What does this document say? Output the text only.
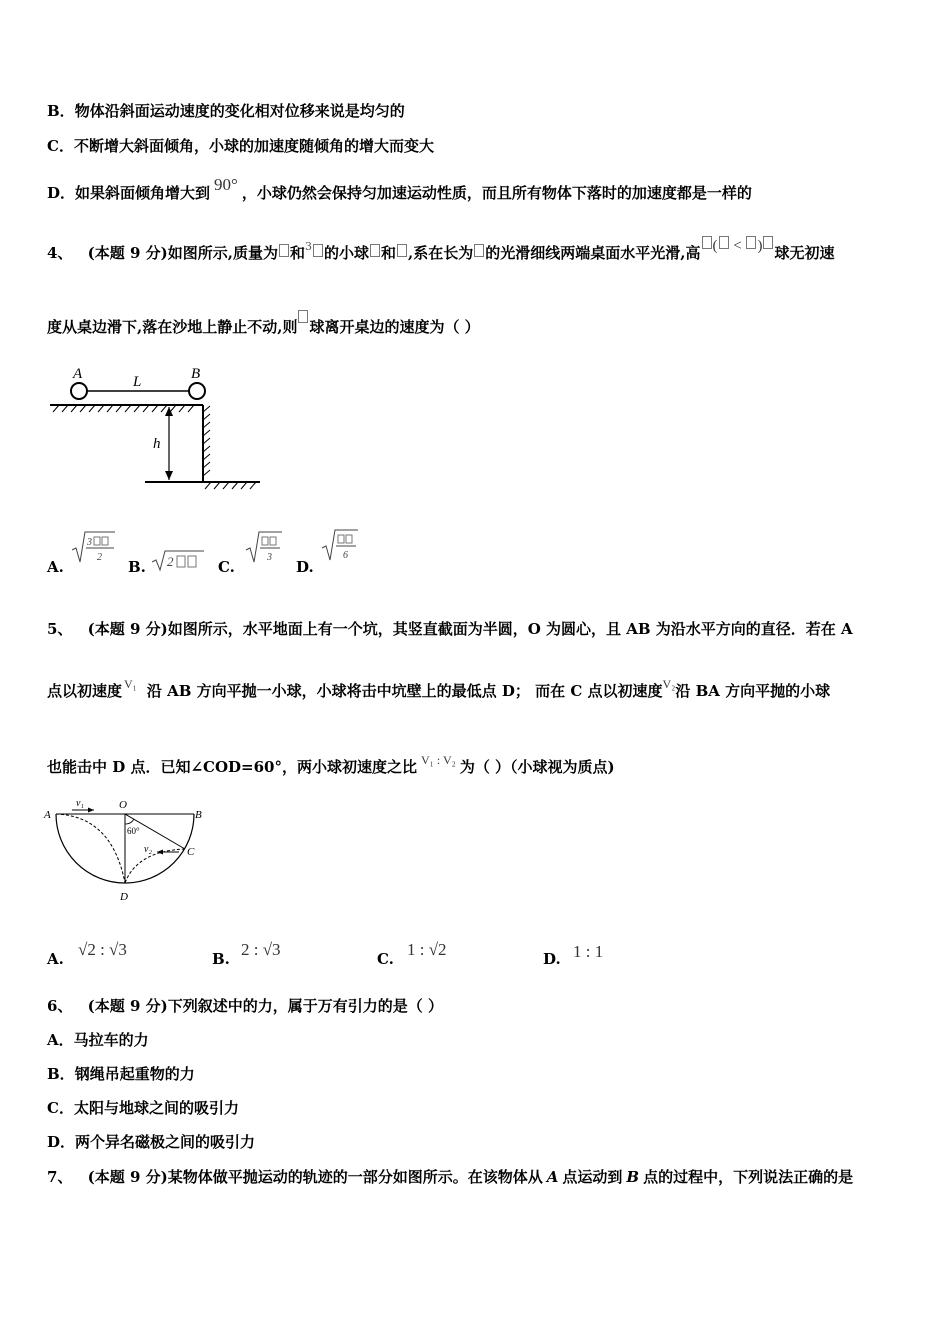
B．物体沿斜面运动速度的变化相对位移来说是均匀的
C．不断增大斜面倾角，小球的加速度随倾角的增大而变大
D．如果斜面倾角增大到 90° ，小球仍然会保持匀加速运动性质，而且所有物体下落时的加速度都是一样的
4、 (本题 9 分)如图所示,质量为 和$^3$ 的小球 和 ,系在长为 的光滑细线两端桌面水平光滑,高 ( < ) 球无初速
度从桌边滑下,落在沙地上静止不动,则 球离开桌边的速度为（ ）
A	L	B
h
A.
3
2
B. 2	C.
3
D.
6
5、 (本题 9 分)如图所示，水平地面上有一个坑，其竖直截面为半圆，O 为圆心，且 AB 为沿水平方向的直径．若在 A
点以初速度 $^{V_1}$ 沿 AB 方向平抛一小球，小球将击中坑壁上的最低点 D； 而在 C 点以初速度$^{V_2}$沿 BA 方向平抛的小球
也能击中 D 点．已知∠COD=60°，两小球初速度之比 $^{V_1 : V_2}$ 为（ ）（小球视为质点)
A
O
B
v₁
60°
v₂	C
D
A. √2 : √3	B. 2 : √3	C. 1 : √2	D. 1 : 1
6、 (本题 9 分)下列叙述中的力，属于万有引力的是（ ）
A．马拉车的力
B．钢绳吊起重物的力
C．太阳与地球之间的吸引力
D．两个异名磁极之间的吸引力
7、 (本题 9 分)某物体做平抛运动的轨迹的一部分如图所示。在该物体从 A 点运动到 B 点的过程中，下列说法正确的是
